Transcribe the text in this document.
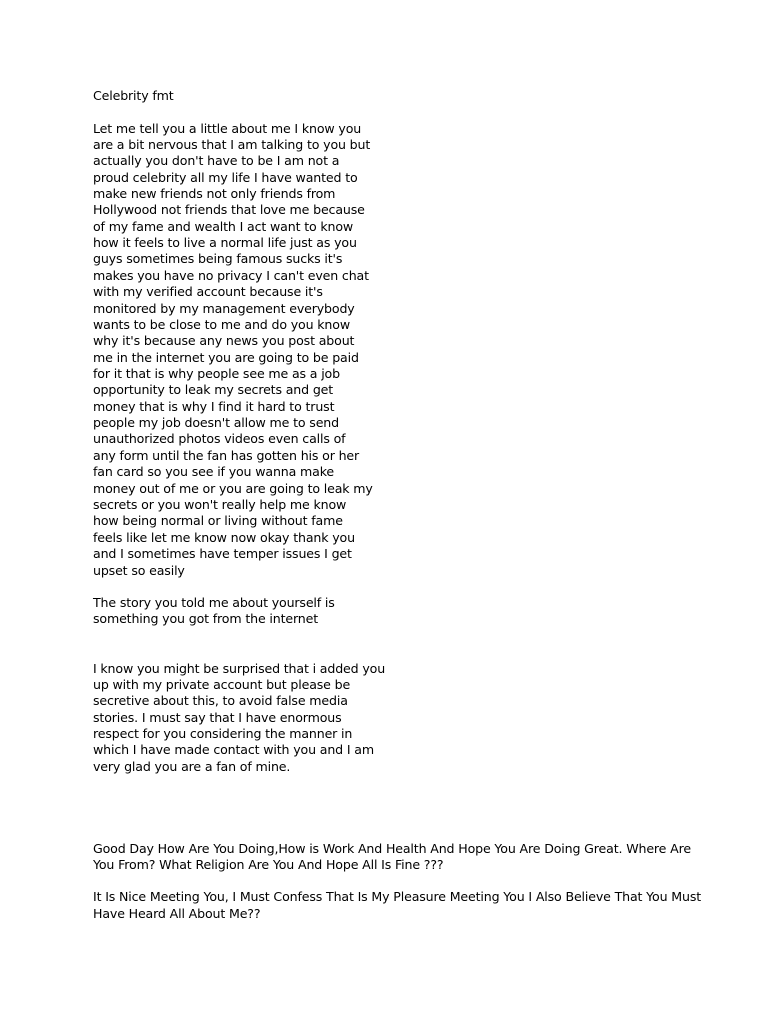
Celebrity fmt
Let me tell you a little about me I know you
are a bit nervous that I am talking to you but
actually you don't have to be I am not a
proud celebrity all my life I have wanted to
make new friends not only friends from
Hollywood not friends that love me because
of my fame and wealth I act want to know
how it feels to live a normal life just as you
guys sometimes being famous sucks it's
makes you have no privacy I can't even chat
with my verified account because it's
monitored by my management everybody
wants to be close to me and do you know
why it's because any news you post about
me in the internet you are going to be paid
for it that is why people see me as a job
opportunity to leak my secrets and get
money that is why I find it hard to trust
people my job doesn't allow me to send
unauthorized photos videos even calls of
any form until the fan has gotten his or her
fan card so you see if you wanna make
money out of me or you are going to leak my
secrets or you won't really help me know
how being normal or living without fame
feels like let me know now okay thank you
and I sometimes have temper issues I get
upset so easily
The story you told me about yourself is
something you got from the internet
I know you might be surprised that i added you
up with my private account but please be
secretive about this, to avoid false media
stories. I must say that I have enormous
respect for you considering the manner in
which I have made contact with you and I am
very glad you are a fan of mine.
Good Day How Are You Doing,How is Work And Health And Hope You Are Doing Great. Where Are
You From? What Religion Are You And Hope All Is Fine ???
It Is Nice Meeting You, I Must Confess That Is My Pleasure Meeting You I Also Believe That You Must
Have Heard All About Me??
